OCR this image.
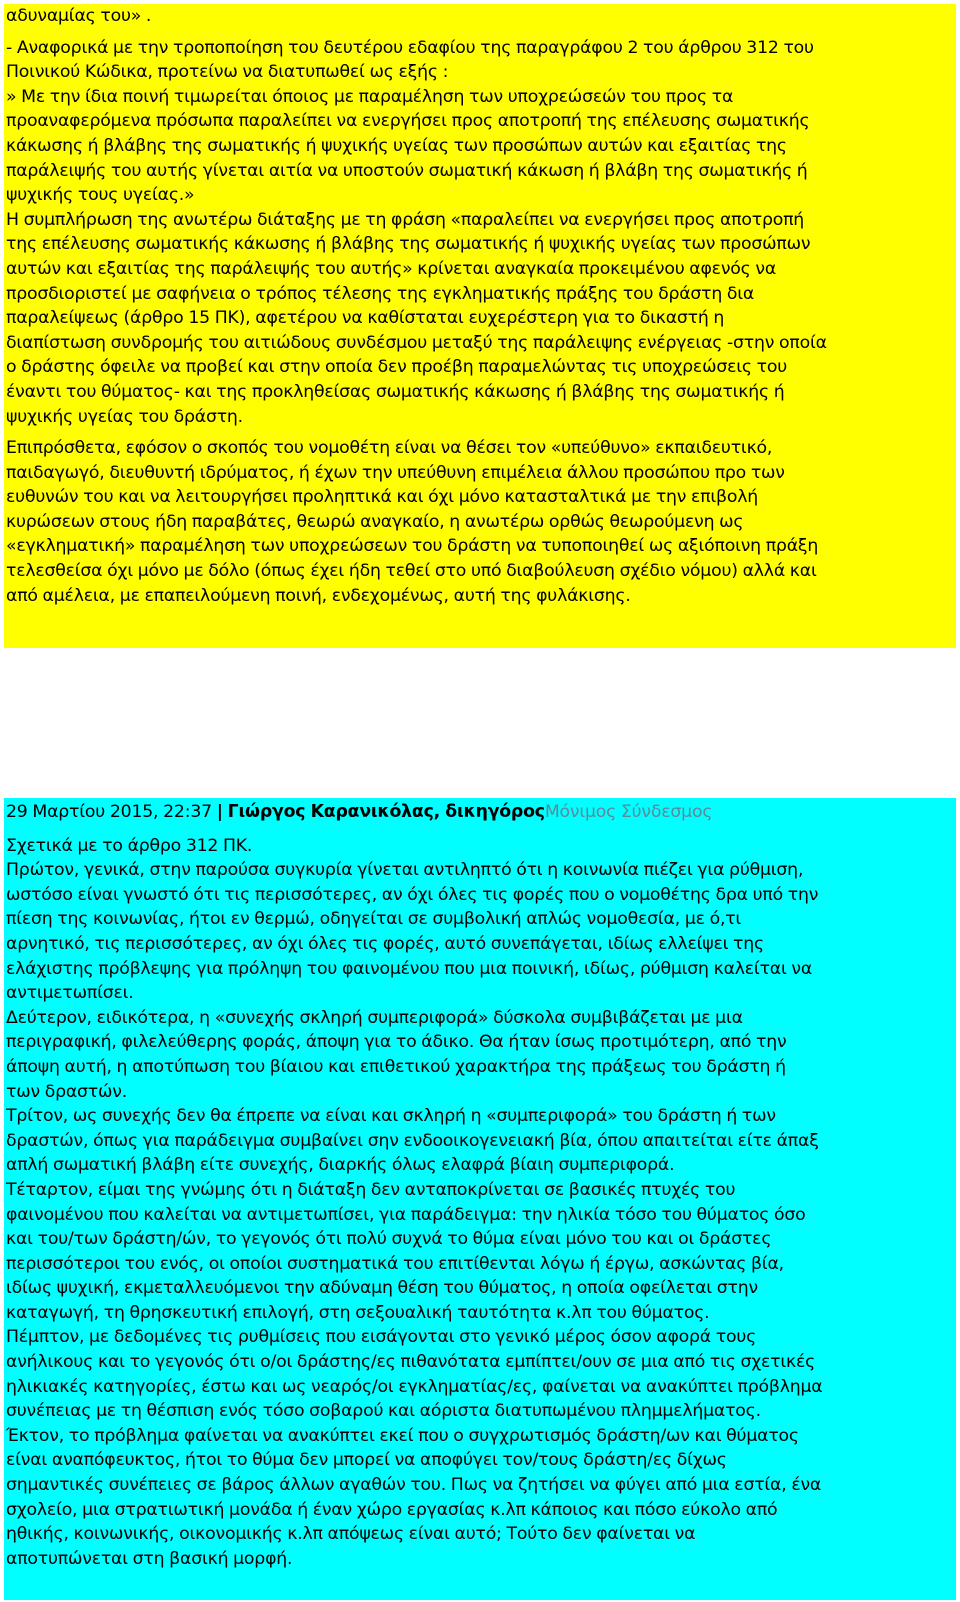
αδυναμίας του» .
- Αναφορικά με την τροποποίηση του δευτέρου εδαφίου της παραγράφου 2 του άρθρου 312 του
Ποινικού Κώδικα, προτείνω να διατυπωθεί ως εξής :
» Με την ίδια ποινή τιμωρείται όποιος με παραμέληση των υποχρεώσεών του προς τα
προαναφερόμενα πρόσωπα παραλείπει να ενεργήσει προς αποτροπή της επέλευσης σωματικής
κάκωσης ή βλάβης της σωματικής ή ψυχικής υγείας των προσώπων αυτών και εξαιτίας της
παράλειψής του αυτής γίνεται αιτία να υποστούν σωματική κάκωση ή βλάβη της σωματικής ή
ψυχικής τους υγείας.»
Η συμπλήρωση της ανωτέρω διάταξης με τη φράση «παραλείπει να ενεργήσει προς αποτροπή
της επέλευσης σωματικής κάκωσης ή βλάβης της σωματικής ή ψυχικής υγείας των προσώπων
αυτών και εξαιτίας της παράλειψής του αυτής» κρίνεται αναγκαία προκειμένου αφενός να
προσδιοριστεί με σαφήνεια ο τρόπος τέλεσης της εγκληματικής πράξης του δράστη δια
παραλείψεως (άρθρο 15 ΠΚ), αφετέρου να καθίσταται ευχερέστερη για το δικαστή η
διαπίστωση συνδρομής του αιτιώδους συνδέσμου μεταξύ της παράλειψης ενέργειας -στην οποία
ο δράστης όφειλε να προβεί και στην οποία δεν προέβη παραμελώντας τις υποχρεώσεις του
έναντι του θύματος- και της προκληθείσας σωματικής κάκωσης ή βλάβης της σωματικής ή
ψυχικής υγείας του δράστη.
Επιπρόσθετα, εφόσον ο σκοπός του νομοθέτη είναι να θέσει τον «υπεύθυνο» εκπαιδευτικό,
παιδαγωγό, διευθυντή ιδρύματος, ή έχων την υπεύθυνη επιμέλεια άλλου προσώπου προ των
ευθυνών του και να λειτουργήσει προληπτικά και όχι μόνο κατασταλτικά με την επιβολή
κυρώσεων στους ήδη παραβάτες, θεωρώ αναγκαίο, η ανωτέρω ορθώς θεωρούμενη ως
«εγκληματική» παραμέληση των υποχρεώσεων του δράστη να τυποποιηθεί ως αξιόποινη πράξη
τελεσθείσα όχι μόνο με δόλο (όπως έχει ήδη τεθεί στο υπό διαβούλευση σχέδιο νόμου) αλλά και
από αμέλεια, με επαπειλούμενη ποινή, ενδεχομένως, αυτή της φυλάκισης.
29 Μαρτίου 2015, 22:37 | Γιώργος Καρανικόλας, δικηγόροςΜόνιμος Σύνδεσμος
Σχετικά με το άρθρο 312 ΠΚ.
Πρώτον, γενικά, στην παρούσα συγκυρία γίνεται αντιληπτό ότι η κοινωνία πιέζει για ρύθμιση,
ωστόσο είναι γνωστό ότι τις περισσότερες, αν όχι όλες τις φορές που ο νομοθέτης δρα υπό την
πίεση της κοινωνίας, ήτοι εν θερμώ, οδηγείται σε συμβολική απλώς νομοθεσία, με ό,τι
αρνητικό, τις περισσότερες, αν όχι όλες τις φορές, αυτό συνεπάγεται, ιδίως ελλείψει της
ελάχιστης πρόβλεψης για πρόληψη του φαινομένου που μια ποινική, ιδίως, ρύθμιση καλείται να
αντιμετωπίσει.
Δεύτερον, ειδικότερα, η «συνεχής σκληρή συμπεριφορά» δύσκολα συμβιβάζεται με μια
περιγραφική, φιλελεύθερης φοράς, άποψη για το άδικο. Θα ήταν ίσως προτιμότερη, από την
άποψη αυτή, η αποτύπωση του βίαιου και επιθετικού χαρακτήρα της πράξεως του δράστη ή
των δραστών.
Τρίτον, ως συνεχής δεν θα έπρεπε να είναι και σκληρή η «συμπεριφορά» του δράστη ή των
δραστών, όπως για παράδειγμα συμβαίνει σην ενδοοικογενειακή βία, όπου απαιτείται είτε άπαξ
απλή σωματική βλάβη είτε συνεχής, διαρκής όλως ελαφρά βίαιη συμπεριφορά.
Τέταρτον, είμαι της γνώμης ότι η διάταξη δεν ανταποκρίνεται σε βασικές πτυχές του
φαινομένου που καλείται να αντιμετωπίσει, για παράδειγμα: την ηλικία τόσο του θύματος όσο
και του/των δράστη/ών, το γεγονός ότι πολύ συχνά το θύμα είναι μόνο του και οι δράστες
περισσότεροι του ενός, οι οποίοι συστηματικά του επιτίθενται λόγω ή έργω, ασκώντας βία,
ιδίως ψυχική, εκμεταλλευόμενοι την αδύναμη θέση του θύματος, η οποία οφείλεται στην
καταγωγή, τη θρησκευτική επιλογή, στη σεξουαλική ταυτότητα κ.λπ του θύματος.
Πέμπτον, με δεδομένες τις ρυθμίσεις που εισάγονται στο γενικό μέρος όσον αφορά τους
ανήλικους και το γεγονός ότι ο/οι δράστης/ες πιθανότατα εμπίπτει/ουν σε μια από τις σχετικές
ηλικιακές κατηγορίες, έστω και ως νεαρός/οι εγκληματίας/ες, φαίνεται να ανακύπτει πρόβλημα
συνέπειας με τη θέσπιση ενός τόσο σοβαρού και αόριστα διατυπωμένου πλημμελήματος.
Έκτον, το πρόβλημα φαίνεται να ανακύπτει εκεί που ο συγχρωτισμός δράστη/ων και θύματος
είναι αναπόφευκτος, ήτοι το θύμα δεν μπορεί να αποφύγει τον/τους δράστη/ες δίχως
σημαντικές συνέπειες σε βάρος άλλων αγαθών του. Πως να ζητήσει να φύγει από μια εστία, ένα
σχολείο, μια στρατιωτική μονάδα ή έναν χώρο εργασίας κ.λπ κάποιος και πόσο εύκολο από
ηθικής, κοινωνικής, οικονομικής κ.λπ απόψεως είναι αυτό; Τούτο δεν φαίνεται να
αποτυπώνεται στη βασική μορφή.
